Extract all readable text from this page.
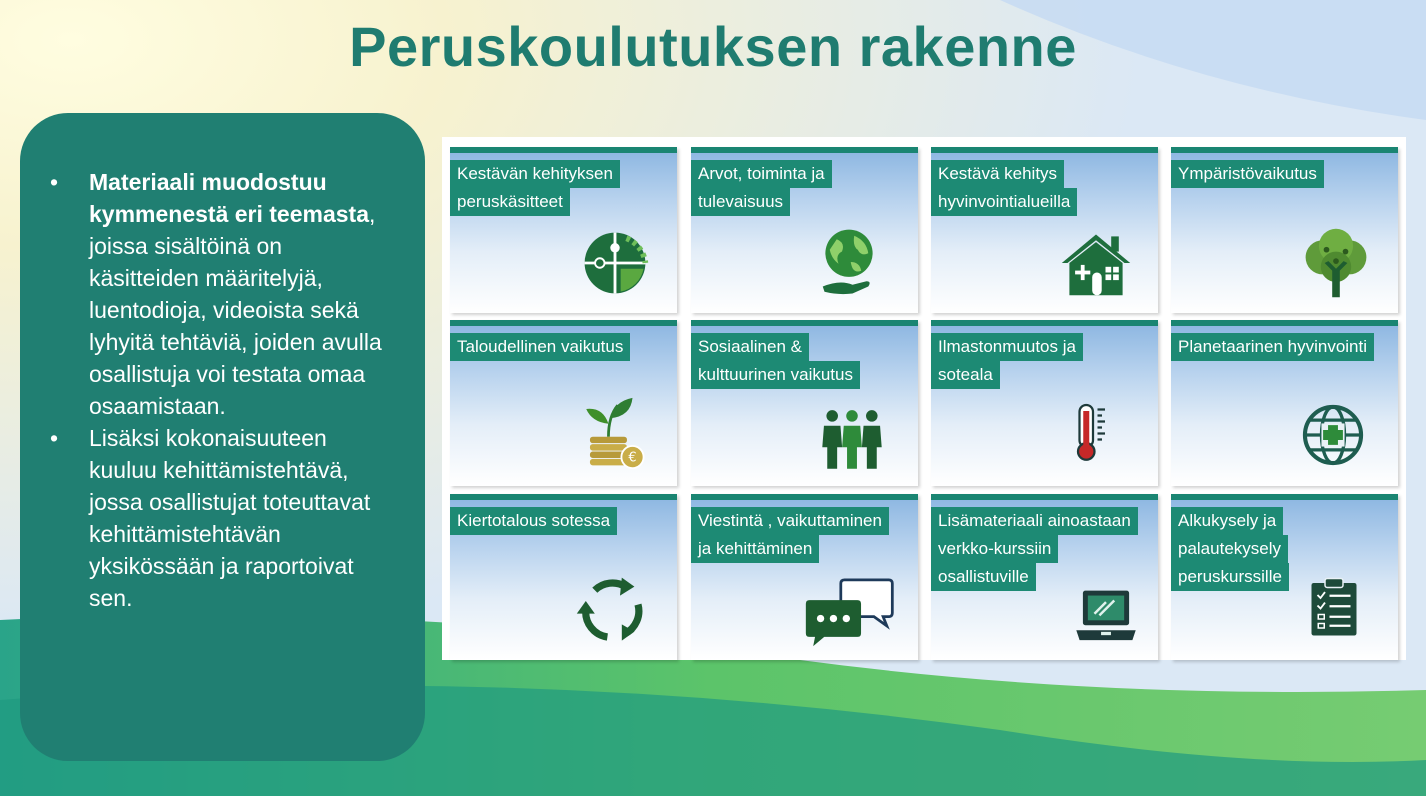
Peruskoulutuksen rakenne
• Materiaali muodostuu kymmenestä eri teemasta, joissa sisältöinä on käsitteiden määritelyjä, luentodioja, videoista sekä lyhyitä tehtäviä, joiden avulla osallistuja voi testata omaa osaamistaan.
• Lisäksi kokonaisuuteen kuuluu kehittämistehtävä, jossa osallistujat toteuttavat kehittämistehtävän yksikössään ja raportoivat sen.
Kestävän kehityksen
peruskäsitteet
Arvot, toiminta ja
tulevaisuus
Kestävä kehitys
hyvinvointialueilla
Ympäristövaikutus
Taloudellinen vaikutus
€
Sosiaalinen &
kulttuurinen vaikutus
Ilmastonmuutos ja
soteala
Planetaarinen hyvinvointi
Kiertotalous sotessa	Viestintä , vaikuttaminen
ja kehittäminen
Lisämateriaali ainoastaan
verkko-kurssiin
osallistuville
Alkukysely ja
palautekysely
peruskurssille
